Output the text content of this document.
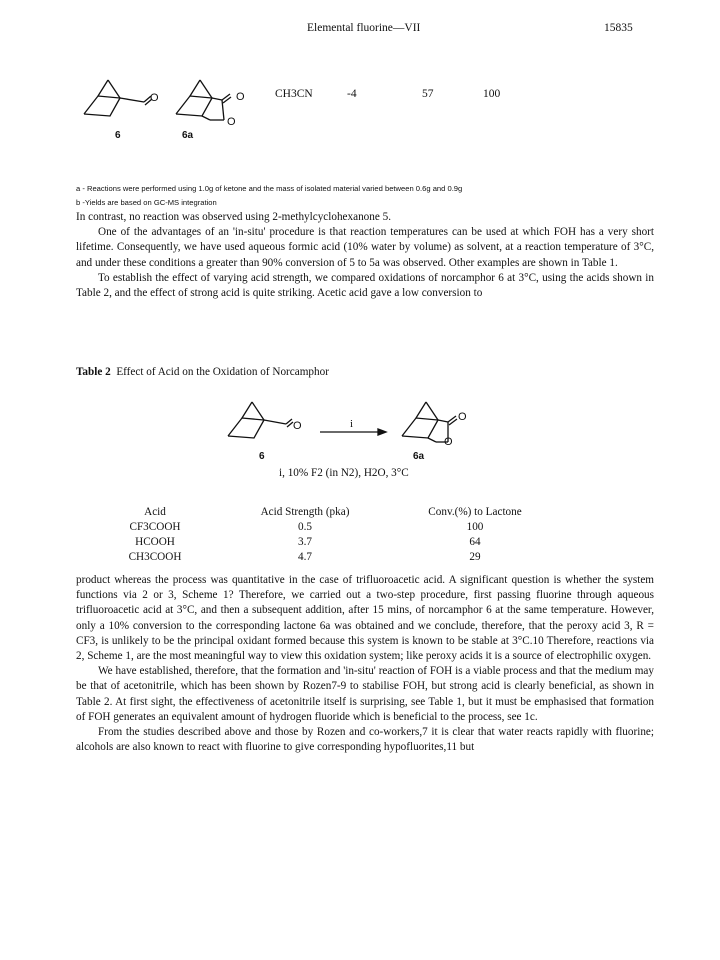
Elemental fluorine—VII	15835
O
6
O
O
6a
CH3CN	-4	57	100
a - Reactions were performed using 1.0g of ketone and the mass of isolated material varied between 0.6g and 0.9g
b -Yields are based on GC-MS integration

In contrast, no reaction was observed using 2-methylcyclohexanone 5.

One of the advantages of an 'in-situ' procedure is that reaction temperatures can be used at which FOH has a very short lifetime. Consequently, we have used aqueous formic acid (10% water by volume) as solvent, at a reaction temperature of 3°C, and under these conditions a greater than 90% conversion of 5 to 5a was observed. Other examples are shown in Table 1.

To establish the effect of varying acid strength, we compared oxidations of norcamphor 6 at 3°C, using the acids shown in Table 2, and the effect of strong acid is quite striking. Acetic acid gave a low conversion to

Table 2 Effect of Acid on the Oxidation of Norcamphor
O	i
O
O
6	6a
i, 10% F2 (in N2), H2O, 3°C
Acid	Acid Strength (pka)	Conv.(%) to Lactone
CF3COOH	0.5	100
HCOOH	3.7	64
CH3COOH	4.7	29

product whereas the process was quantitative in the case of trifluoroacetic acid. A significant question is whether the system functions via 2 or 3, Scheme 1? Therefore, we carried out a two-step procedure, first passing fluorine through aqueous trifluoroacetic acid at 3°C, and then a subsequent addition, after 15 mins, of norcamphor 6 at the same temperature. However, only a 10% conversion to the corresponding lactone 6a was obtained and we conclude, therefore, that the peroxy acid 3, R = CF3, is unlikely to be the principal oxidant formed because this system is known to be stable at 3°C.10 Therefore, reactions via 2, Scheme 1, are the most meaningful way to view this oxidation system; like peroxy acids it is a source of electrophilic oxygen.

We have established, therefore, that the formation and 'in-situ' reaction of FOH is a viable process and that the medium may be that of acetonitrile, which has been shown by Rozen7-9 to stabilise FOH, but strong acid is clearly beneficial, as shown in Table 2. At first sight, the effectiveness of acetonitrile itself is surprising, see Table 1, but it must be emphasised that formation of FOH generates an equivalent amount of hydrogen fluoride which is beneficial to the process, see 1c.

From the studies described above and those by Rozen and co-workers,7 it is clear that water reacts rapidly with fluorine; alcohols are also known to react with fluorine to give corresponding hypofluorites,11 but
